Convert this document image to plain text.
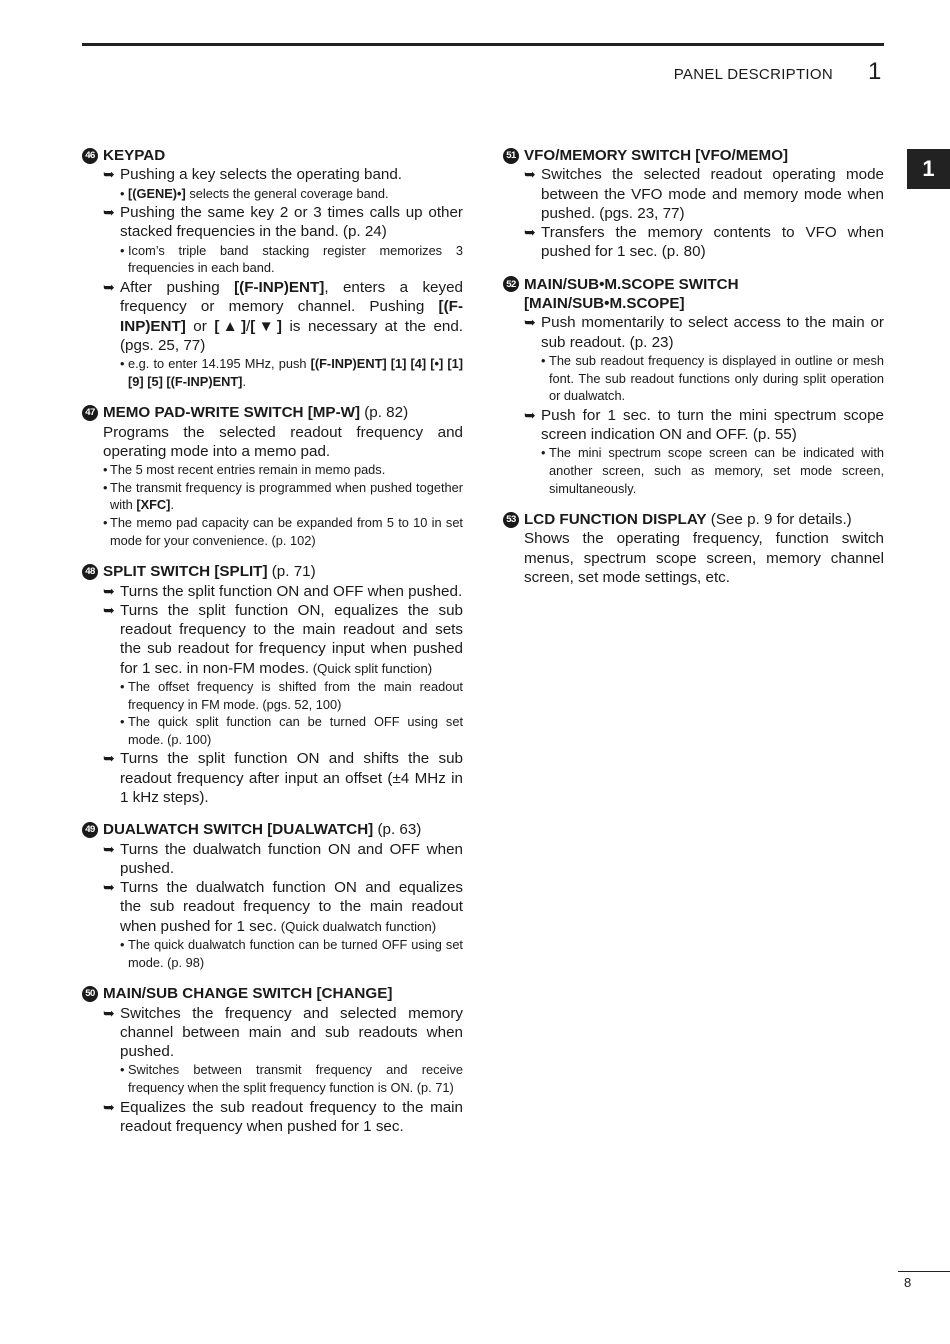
PANEL DESCRIPTION 1
1
46 KEYPAD
➥ Pushing a key selects the operating band.
• [(GENE)•] selects the general coverage band.
➥ Pushing the same key 2 or 3 times calls up other stacked frequencies in the band. (p. 24)
• Icom’s triple band stacking register memorizes 3 frequencies in each band.
➥ After pushing [(F-INP)ENT], enters a keyed frequency or memory channel. Pushing [(F-INP)ENT] or [▲]/[▼] is necessary at the end. (pgs. 25, 77)
• e.g. to enter 14.195 MHz, push [(F-INP)ENT] [1] [4] [•] [1] [9] [5] [(F-INP)ENT].
47 MEMO PAD-WRITE SWITCH [MP-W] (p. 82)
Programs the selected readout frequency and operating mode into a memo pad.
• The 5 most recent entries remain in memo pads.
• The transmit frequency is programmed when pushed together with [XFC].
• The memo pad capacity can be expanded from 5 to 10 in set mode for your convenience. (p. 102)
48 SPLIT SWITCH [SPLIT] (p. 71)
➥ Turns the split function ON and OFF when pushed.
➥ Turns the split function ON, equalizes the sub readout frequency to the main readout and sets the sub readout for frequency input when pushed for 1 sec. in non-FM modes. (Quick split function)
• The offset frequency is shifted from the main readout frequency in FM mode. (pgs. 52, 100)
• The quick split function can be turned OFF using set mode. (p. 100)
➥ Turns the split function ON and shifts the sub readout frequency after input an offset (±4 MHz in 1 kHz steps).
49 DUALWATCH SWITCH [DUALWATCH] (p. 63)
➥ Turns the dualwatch function ON and OFF when pushed.
➥ Turns the dualwatch function ON and equalizes the sub readout frequency to the main readout when pushed for 1 sec. (Quick dualwatch function)
• The quick dualwatch function can be turned OFF using set mode. (p. 98)
50 MAIN/SUB CHANGE SWITCH [CHANGE]
➥ Switches the frequency and selected memory channel between main and sub readouts when pushed.
• Switches between transmit frequency and receive frequency when the split frequency function is ON. (p. 71)
➥ Equalizes the sub readout frequency to the main readout frequency when pushed for 1 sec.
51 VFO/MEMORY SWITCH [VFO/MEMO]
➥ Switches the selected readout operating mode between the VFO mode and memory mode when pushed. (pgs. 23, 77)
➥ Transfers the memory contents to VFO when pushed for 1 sec. (p. 80)
52 MAIN/SUB•M.SCOPE SWITCH
[MAIN/SUB•M.SCOPE]
➥ Push momentarily to select access to the main or sub readout. (p. 23)
• The sub readout frequency is displayed in outline or mesh font. The sub readout functions only during split operation or dualwatch.
➥ Push for 1 sec. to turn the mini spectrum scope screen indication ON and OFF. (p. 55)
• The mini spectrum scope screen can be indicated with another screen, such as memory, set mode screen, simultaneously.
53 LCD FUNCTION DISPLAY (See p. 9 for details.)
Shows the operating frequency, function switch menus, spectrum scope screen, memory channel screen, set mode settings, etc.
8
